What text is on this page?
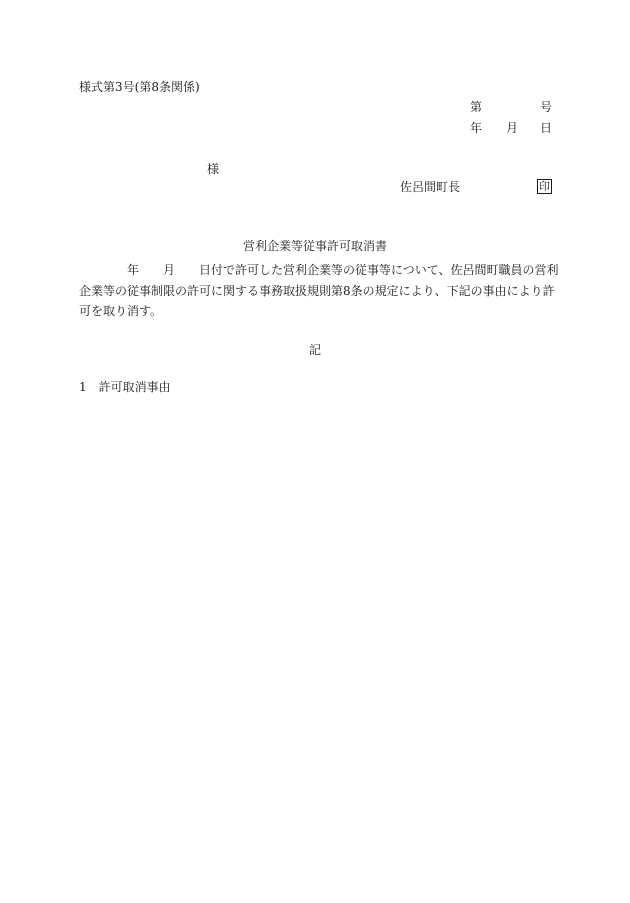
様式第3号(第8条関係)
第	号
年 月 日
様
佐呂間町長	印
営利企業等従事許可取消書
年　　月　　日付で許可した営利企業等の従事等について、佐呂間町職員の営利
企業等の従事制限の許可に関する事務取扱規則第8条の規定により、下記の事由により許
可を取り消す。
記
1　許可取消事由
